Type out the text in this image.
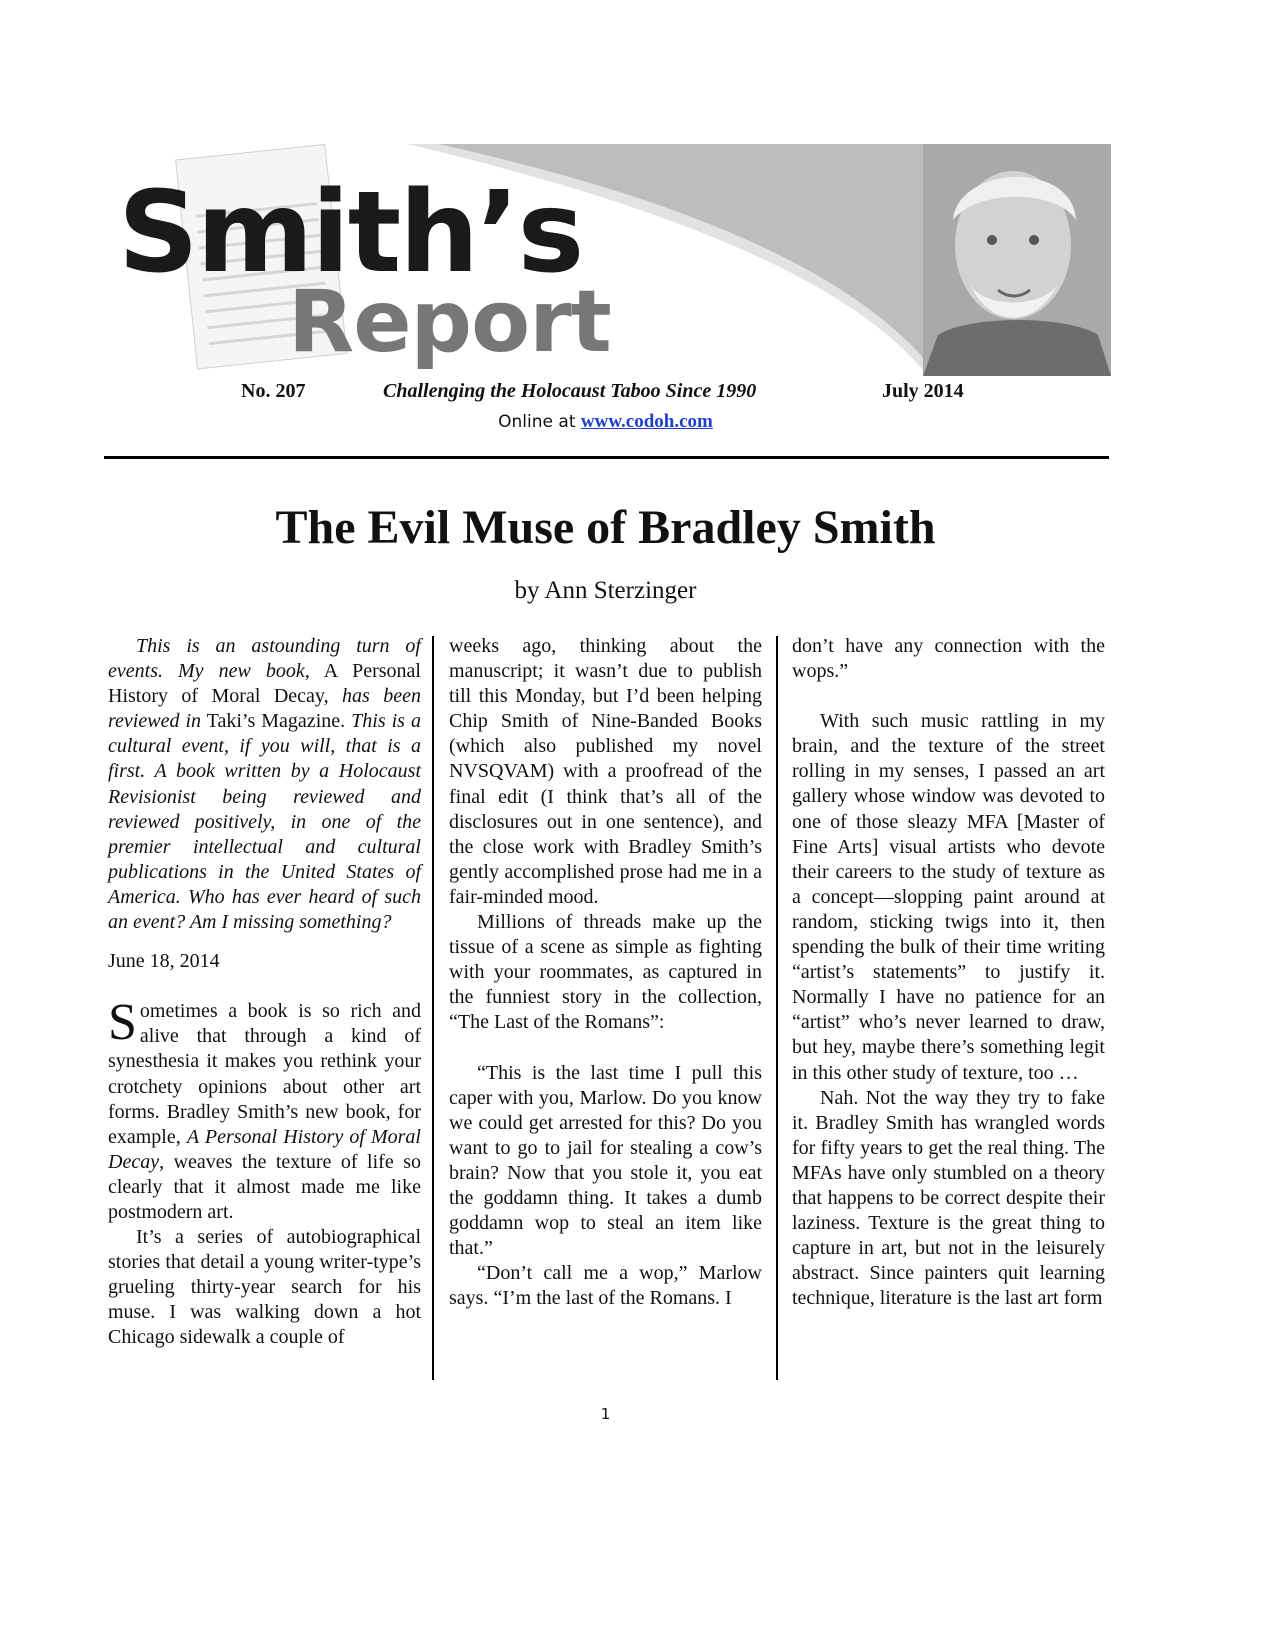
Smith’s
Report
No. 207	Challenging the Holocaust Taboo Since 1990	July 2014
Online at www.codoh.com
The Evil Muse of Bradley Smith
by Ann Sterzinger

This is an astounding turn of events. My new book, A Personal History of Moral Decay, has been reviewed in Taki’s Magazine. This is a cultural event, if you will, that is a first. A book written by a Holocaust Revisionist being reviewed and reviewed positively, in one of the premier intellectual and cultural publications in the United States of America. Who has ever heard of such an event? Am I missing something?

June 18, 2014

Sometimes a book is so rich and alive that through a kind of synesthesia it makes you rethink your crotchety opinions about other art forms. Bradley Smith’s new book, for example, A Personal History of Moral Decay, weaves the texture of life so clearly that it almost made me like postmodern art.

It’s a series of autobiographical stories that detail a young writer-type’s grueling thirty-year search for his muse. I was walking down a hot Chicago sidewalk a couple of

weeks ago, thinking about the manuscript; it wasn’t due to publish till this Monday, but I’d been helping Chip Smith of Nine-Banded Books (which also published my novel NVSQVAM) with a proofread of the final edit (I think that’s all of the disclosures out in one sentence), and the close work with Bradley Smith’s gently accomplished prose had me in a fair-minded mood.

Millions of threads make up the tissue of a scene as simple as fighting with your roommates, as captured in the funniest story in the collection, “The Last of the Romans”:

“This is the last time I pull this caper with you, Marlow. Do you know we could get arrested for this? Do you want to go to jail for stealing a cow’s brain? Now that you stole it, you eat the goddamn thing. It takes a dumb goddamn wop to steal an item like that.”

“Don’t call me a wop,” Marlow says. “I’m the last of the Romans. I

don’t have any connection with the wops.”

With such music rattling in my brain, and the texture of the street rolling in my senses, I passed an art gallery whose window was devoted to one of those sleazy MFA [Master of Fine Arts] visual artists who devote their careers to the study of texture as a concept—slopping paint around at random, sticking twigs into it, then spending the bulk of their time writing “artist’s statements” to justify it. Normally I have no patience for an “artist” who’s never learned to draw, but hey, maybe there’s something legit in this other study of texture, too …

Nah. Not the way they try to fake it. Bradley Smith has wrangled words for fifty years to get the real thing. The MFAs have only stumbled on a theory that happens to be correct despite their laziness. Texture is the great thing to capture in art, but not in the leisurely abstract. Since painters quit learning technique, literature is the last art form

1
